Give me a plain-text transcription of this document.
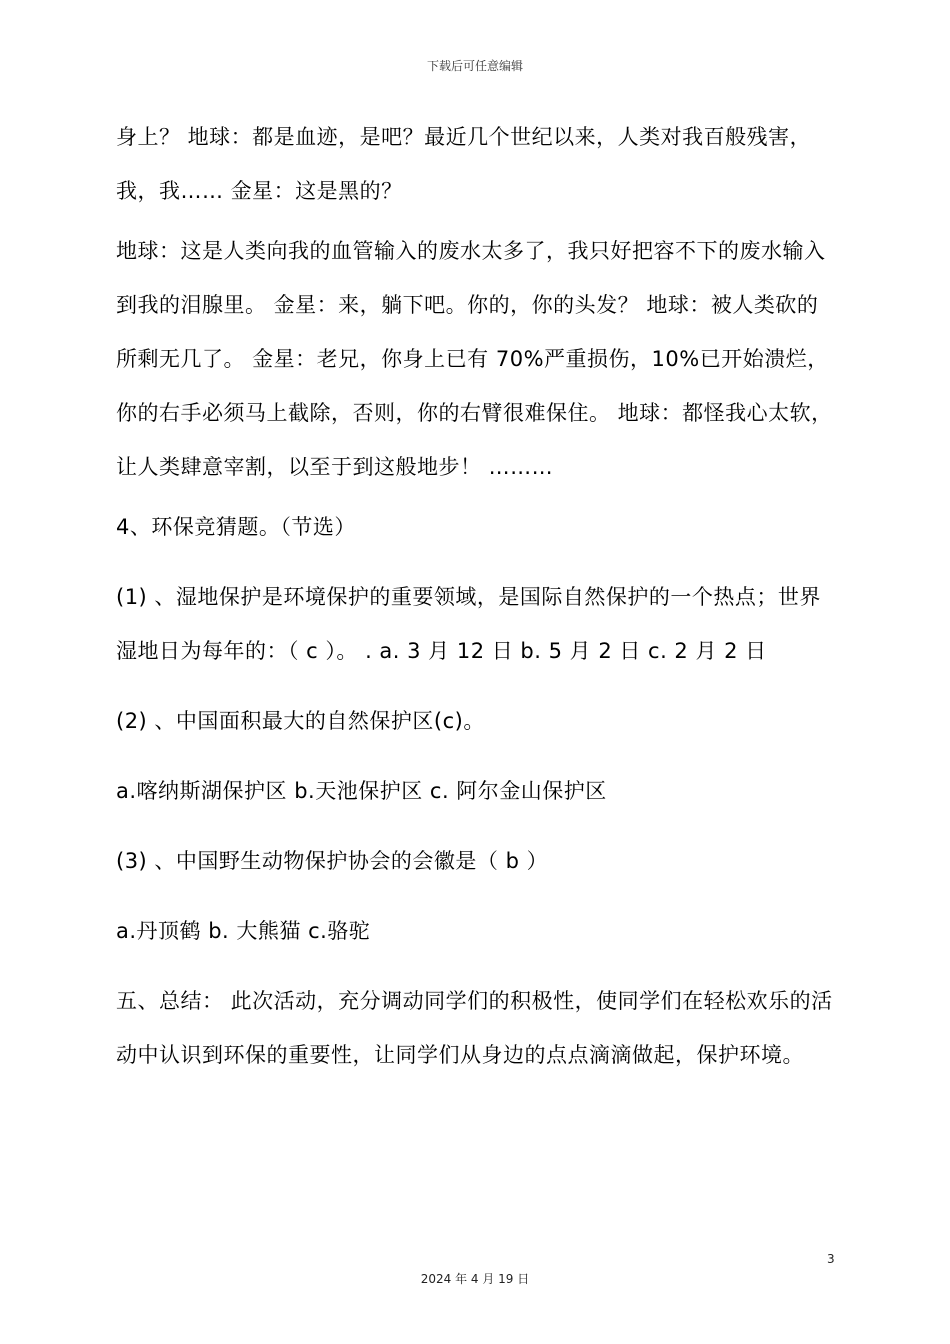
下载后可任意编辑

身上？ 地球：都是血迹，是吧？最近几个世纪以来，人类对我百般残害，我，我…… 金星：这是黑的？

地球：这是人类向我的血管输入的废水太多了，我只好把容不下的废水输入到我的泪腺里。 金星：来，躺下吧。你的，你的头发？ 地球：被人类砍的所剩无几了。 金星：老兄，你身上已有 70%严重损伤，10%已开始溃烂，你的右手必须马上截除，否则，你的右臂很难保住。 地球：都怪我心太软，让人类肆意宰割，以至于到这般地步！ ………

4、环保竞猜题。（节选）

(1) 、湿地保护是环境保护的重要领域，是国际自然保护的一个热点；世界湿地日为每年的：（ c ）。 . a. 3 月 12 日 b. 5 月 2 日 c. 2 月 2 日

(2) 、中国面积最大的自然保护区(c)。

a.喀纳斯湖保护区 b.天池保护区 c. 阿尔金山保护区

(3) 、中国野生动物保护协会的会徽是（ b ）

a.丹顶鹤 b. 大熊猫 c.骆驼

五、总结： 此次活动，充分调动同学们的积极性，使同学们在轻松欢乐的活动中认识到环保的重要性，让同学们从身边的点点滴滴做起，保护环境。

3
2024 年 4 月 19 日
